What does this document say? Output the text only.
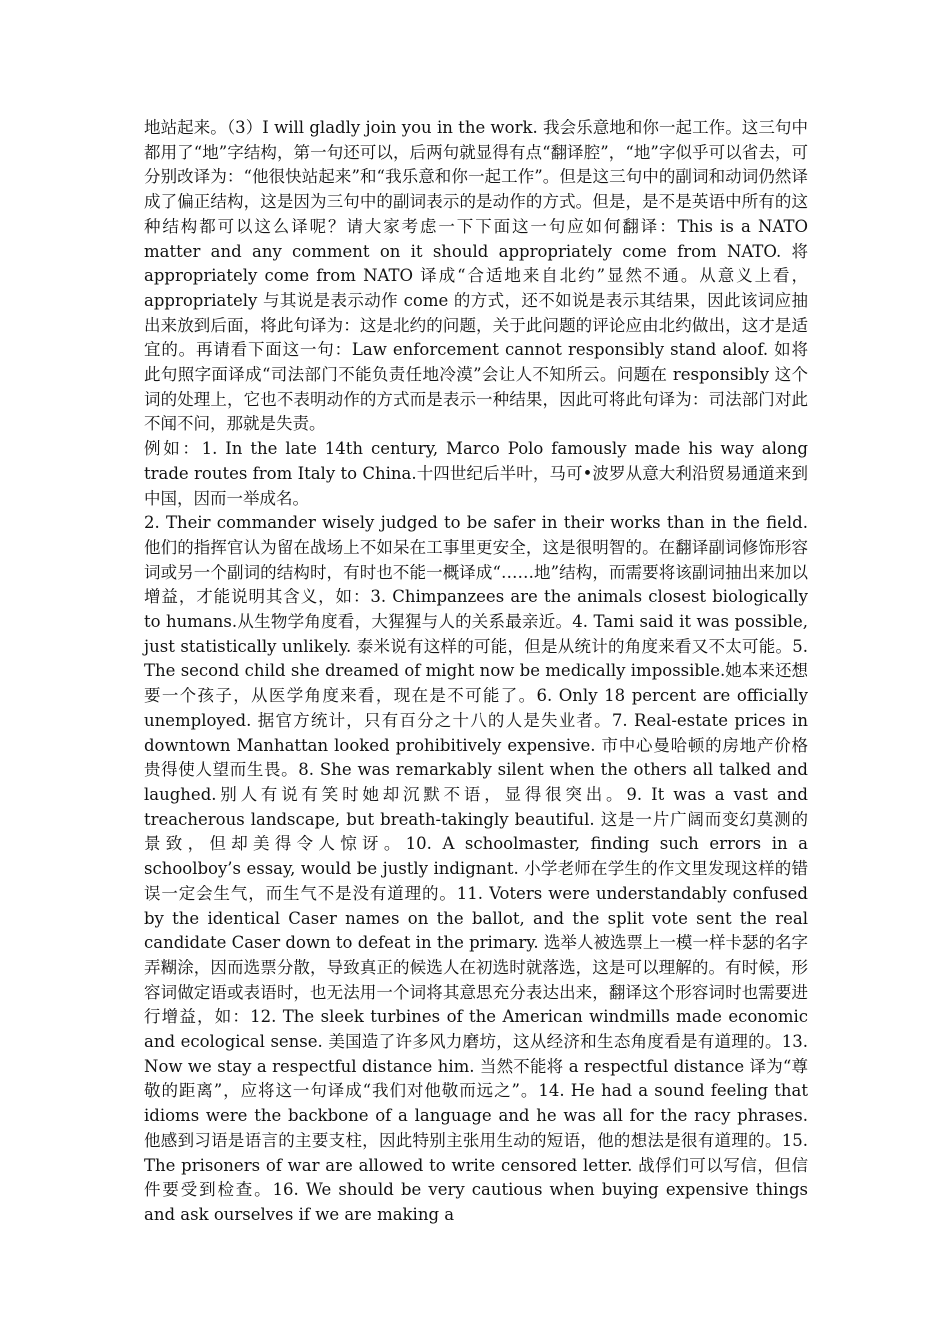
地站起来。（3）I will gladly join you in the work. 我会乐意地和你一起工作。这三句中都用了“地”字结构，第一句还可以，后两句就显得有点“翻译腔”，“地”字似乎可以省去，可分别改译为：“他很快站起来”和“我乐意和你一起工作”。但是这三句中的副词和动词仍然译成了偏正结构，这是因为三句中的副词表示的是动作的方式。但是，是不是英语中所有的这种结构都可以这么译呢？请大家考虑一下下面这一句应如何翻译：This is a NATO matter and any comment on it should appropriately come from NATO. 将 appropriately come from NATO 译成“合适地来自北约”显然不通。从意义上看，appropriately 与其说是表示动作 come 的方式，还不如说是表示其结果，因此该词应抽出来放到后面，将此句译为：这是北约的问题，关于此问题的评论应由北约做出，这才是适宜的。再请看下面这一句：Law enforcement cannot responsibly stand aloof. 如将此句照字面译成“司法部门不能负责任地冷漠”会让人不知所云。问题在 responsibly 这个词的处理上，它也不表明动作的方式而是表示一种结果，因此可将此句译为：司法部门对此不闻不问，那就是失责。

例如：1. In the late 14th century, Marco Polo famously made his way along trade routes from Italy to China.十四世纪后半叶，马可•波罗从意大利沿贸易通道来到中国，因而一举成名。

2. Their commander wisely judged to be safer in their works than in the field. 他们的指挥官认为留在战场上不如呆在工事里更安全，这是很明智的。在翻译副词修饰形容词或另一个副词的结构时，有时也不能一概译成“……地”结构，而需要将该副词抽出来加以增益，才能说明其含义，如：3. Chimpanzees are the animals closest biologically to humans.从生物学角度看，大猩猩与人的关系最亲近。4. Tami said it was possible, just statistically unlikely. 泰米说有这样的可能，但是从统计的角度来看又不太可能。5. The second child she dreamed of might now be medically impossible.她本来还想要一个孩子，从医学角度来看，现在是不可能了。6. Only 18 percent are officially unemployed. 据官方统计，只有百分之十八的人是失业者。7. Real-estate prices in downtown Manhattan looked prohibitively expensive. 市中心曼哈顿的房地产价格贵得使人望而生畏。8. She was remarkably silent when the others all talked and laughed.别人有说有笑时她却沉默不语，显得很突出。9. It was a vast and treacherous landscape, but breath-takingly beautiful. 这是一片广阔而变幻莫测的景致，但却美得令人惊讶。10. A schoolmaster, finding such errors in a schoolboy’s essay, would be justly indignant. 小学老师在学生的作文里发现这样的错误一定会生气，而生气不是没有道理的。11. Voters were understandably confused by the identical Caser names on the ballot, and the split vote sent the real candidate Caser down to defeat in the primary. 选举人被选票上一模一样卡瑟的名字弄糊涂，因而选票分散，导致真正的候选人在初选时就落选，这是可以理解的。有时候，形容词做定语或表语时，也无法用一个词将其意思充分表达出来，翻译这个形容词时也需要进行增益，如：12. The sleek turbines of the American windmills made economic and ecological sense. 美国造了许多风力磨坊，这从经济和生态角度看是有道理的。13. Now we stay a respectful distance him. 当然不能将 a respectful distance 译为“尊敬的距离”，应将这一句译成“我们对他敬而远之”。14. He had a sound feeling that idioms were the backbone of a language and he was all for the racy phrases. 他感到习语是语言的主要支柱，因此特别主张用生动的短语，他的想法是很有道理的。15. The prisoners of war are allowed to write censored letter. 战俘们可以写信，但信件要受到检查。16. We should be very cautious when buying expensive things and ask ourselves if we are making a
